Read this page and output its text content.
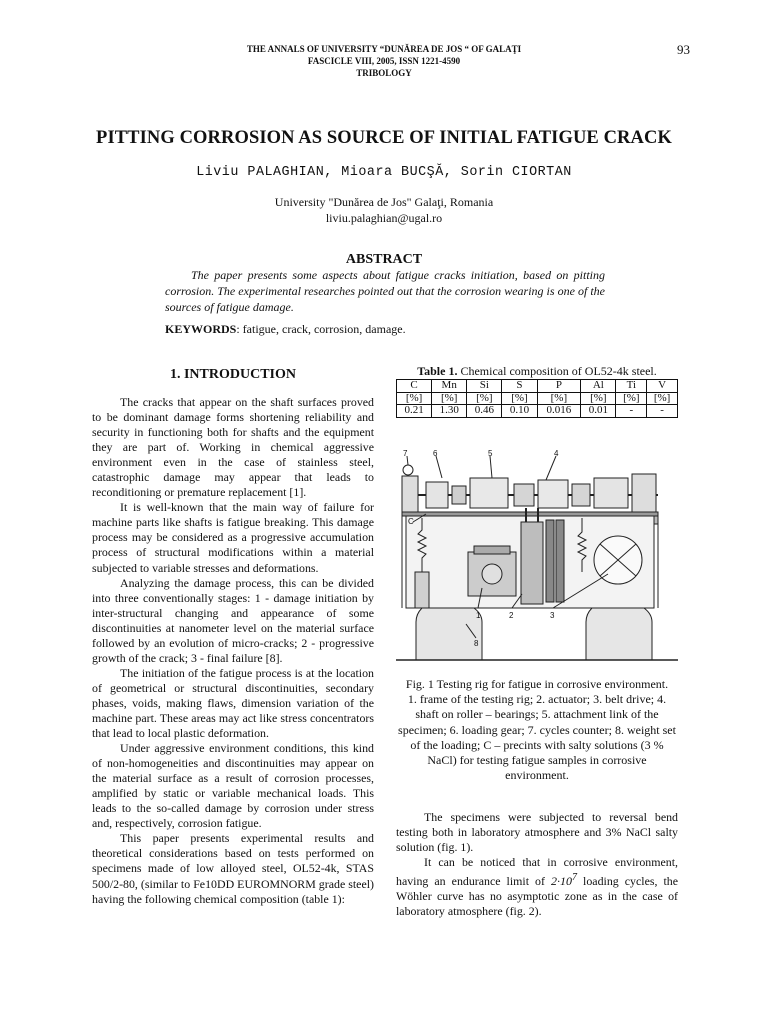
THE ANNALS OF UNIVERSITY “DUNĂREA DE JOS “ OF GALAŢI
FASCICLE VIII, 2005, ISSN 1221-4590
TRIBOLOGY
93
PITTING CORROSION AS SOURCE OF INITIAL FATIGUE CRACK
Liviu PALAGHIAN, Mioara BUCŞĂ, Sorin CIORTAN
University "Dunărea de Jos" Galaţi, Romania
liviu.palaghian@ugal.ro
ABSTRACT

The paper presents some aspects about fatigue cracks initiation, based on pitting corrosion. The experimental researches pointed out that the corrosion wearing is one of the sources of fatigue damage.

KEYWORDS: fatigue, crack, corrosion, damage.
1. INTRODUCTION

The cracks that appear on the shaft surfaces proved to be dominant damage forms shortening reliability and security in functioning both for shafts and the equipment they are part of. Working in chemical aggressive environment even in the case of stainless steel, catastrophic damage may appear that leads to reconditioning or premature replacement [1].

It is well-known that the main way of failure for machine parts like shafts is fatigue breaking. This damage process may be considered as a progressive accumulation process of structural modifications within a material subjected to variable stresses and deformations.

Analyzing the damage process, this can be divided into three conventionally stages: 1 - damage initiation by inter-structural changing and appearance of some discontinuities at nanometer level on the material surface followed by an evolution of micro-cracks; 2 - progressive growth of the crack; 3 - final failure [8].

The initiation of the fatigue process is at the location of geometrical or structural discontinuities, secondary phases, voids, making flaws, dimension variation of the machine part. These areas may act like stress concentrators that lead to local plastic deformation.

Under aggressive environment conditions, this kind of non-homogeneities and discontinuities may appear on the material surface as a result of corrosion processes, amplified by static or variable mechanical loads. This leads to the so-called damage by corrosion under stress and, respectively, corrosion fatigue.

This paper presents experimental results and theoretical considerations based on tests performed on specimens made of low alloyed steel, OL52-4k, STAS 500/2-80, (similar to Fe10DD EUROMNORM grade steel) having the following chemical composition (table 1):

Table 1. Chemical composition of OL52-4k steel.
C	Mn	Si	S	P	Al	Ti	V
[%]	[%]	[%]	[%]	[%]	[%]	[%]	[%]
0.21	1.30	0.46	0.10	0.016	0.01	-	-
7	6	5	4
C
1	2	3
8
Fig. 1 Testing rig for fatigue in corrosive environment.
1. frame of the testing rig; 2. actuator; 3. belt drive; 4. shaft on roller – bearings; 5. attachment link of the specimen; 6. loading gear; 7. cycles counter; 8. weight set of the loading; C – precints with salty solutions (3 % NaCl) for testing fatigue samples in corrosive environment.

The specimens were subjected to reversal bend testing both in laboratory atmosphere and 3% NaCl salty solution (fig. 1).

It can be noticed that in corrosive environment, having an endurance limit of $2\cdot 10^7$ loading cycles, the Wöhler curve has no asymptotic zone as in the case of laboratory atmosphere (fig. 2).
